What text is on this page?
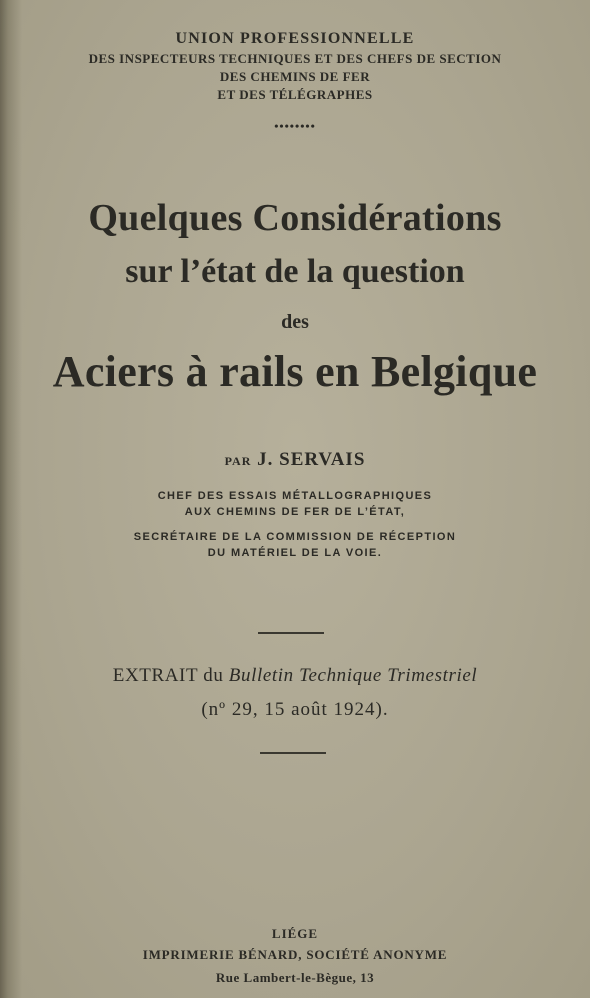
UNION PROFESSIONNELLE
DES INSPECTEURS TECHNIQUES ET DES CHEFS DE SECTION
DES CHEMINS DE FER
ET DES TÉLÉGRAPHES
••••••••
Quelques Considérations
sur l’état de la question
des
Aciers à rails en Belgique
PAR J. SERVAIS
CHEF DES ESSAIS MÉTALLOGRAPHIQUES
AUX CHEMINS DE FER DE L’ÉTAT,
SECRÉTAIRE DE LA COMMISSION DE RÉCEPTION
DU MATÉRIEL DE LA VOIE.
EXTRAIT du Bulletin Technique Trimestriel
(nº 29, 15 août 1924).
LIÉGE
IMPRIMERIE BÉNARD, SOCIÉTÉ ANONYME
Rue Lambert-le-Bègue, 13
